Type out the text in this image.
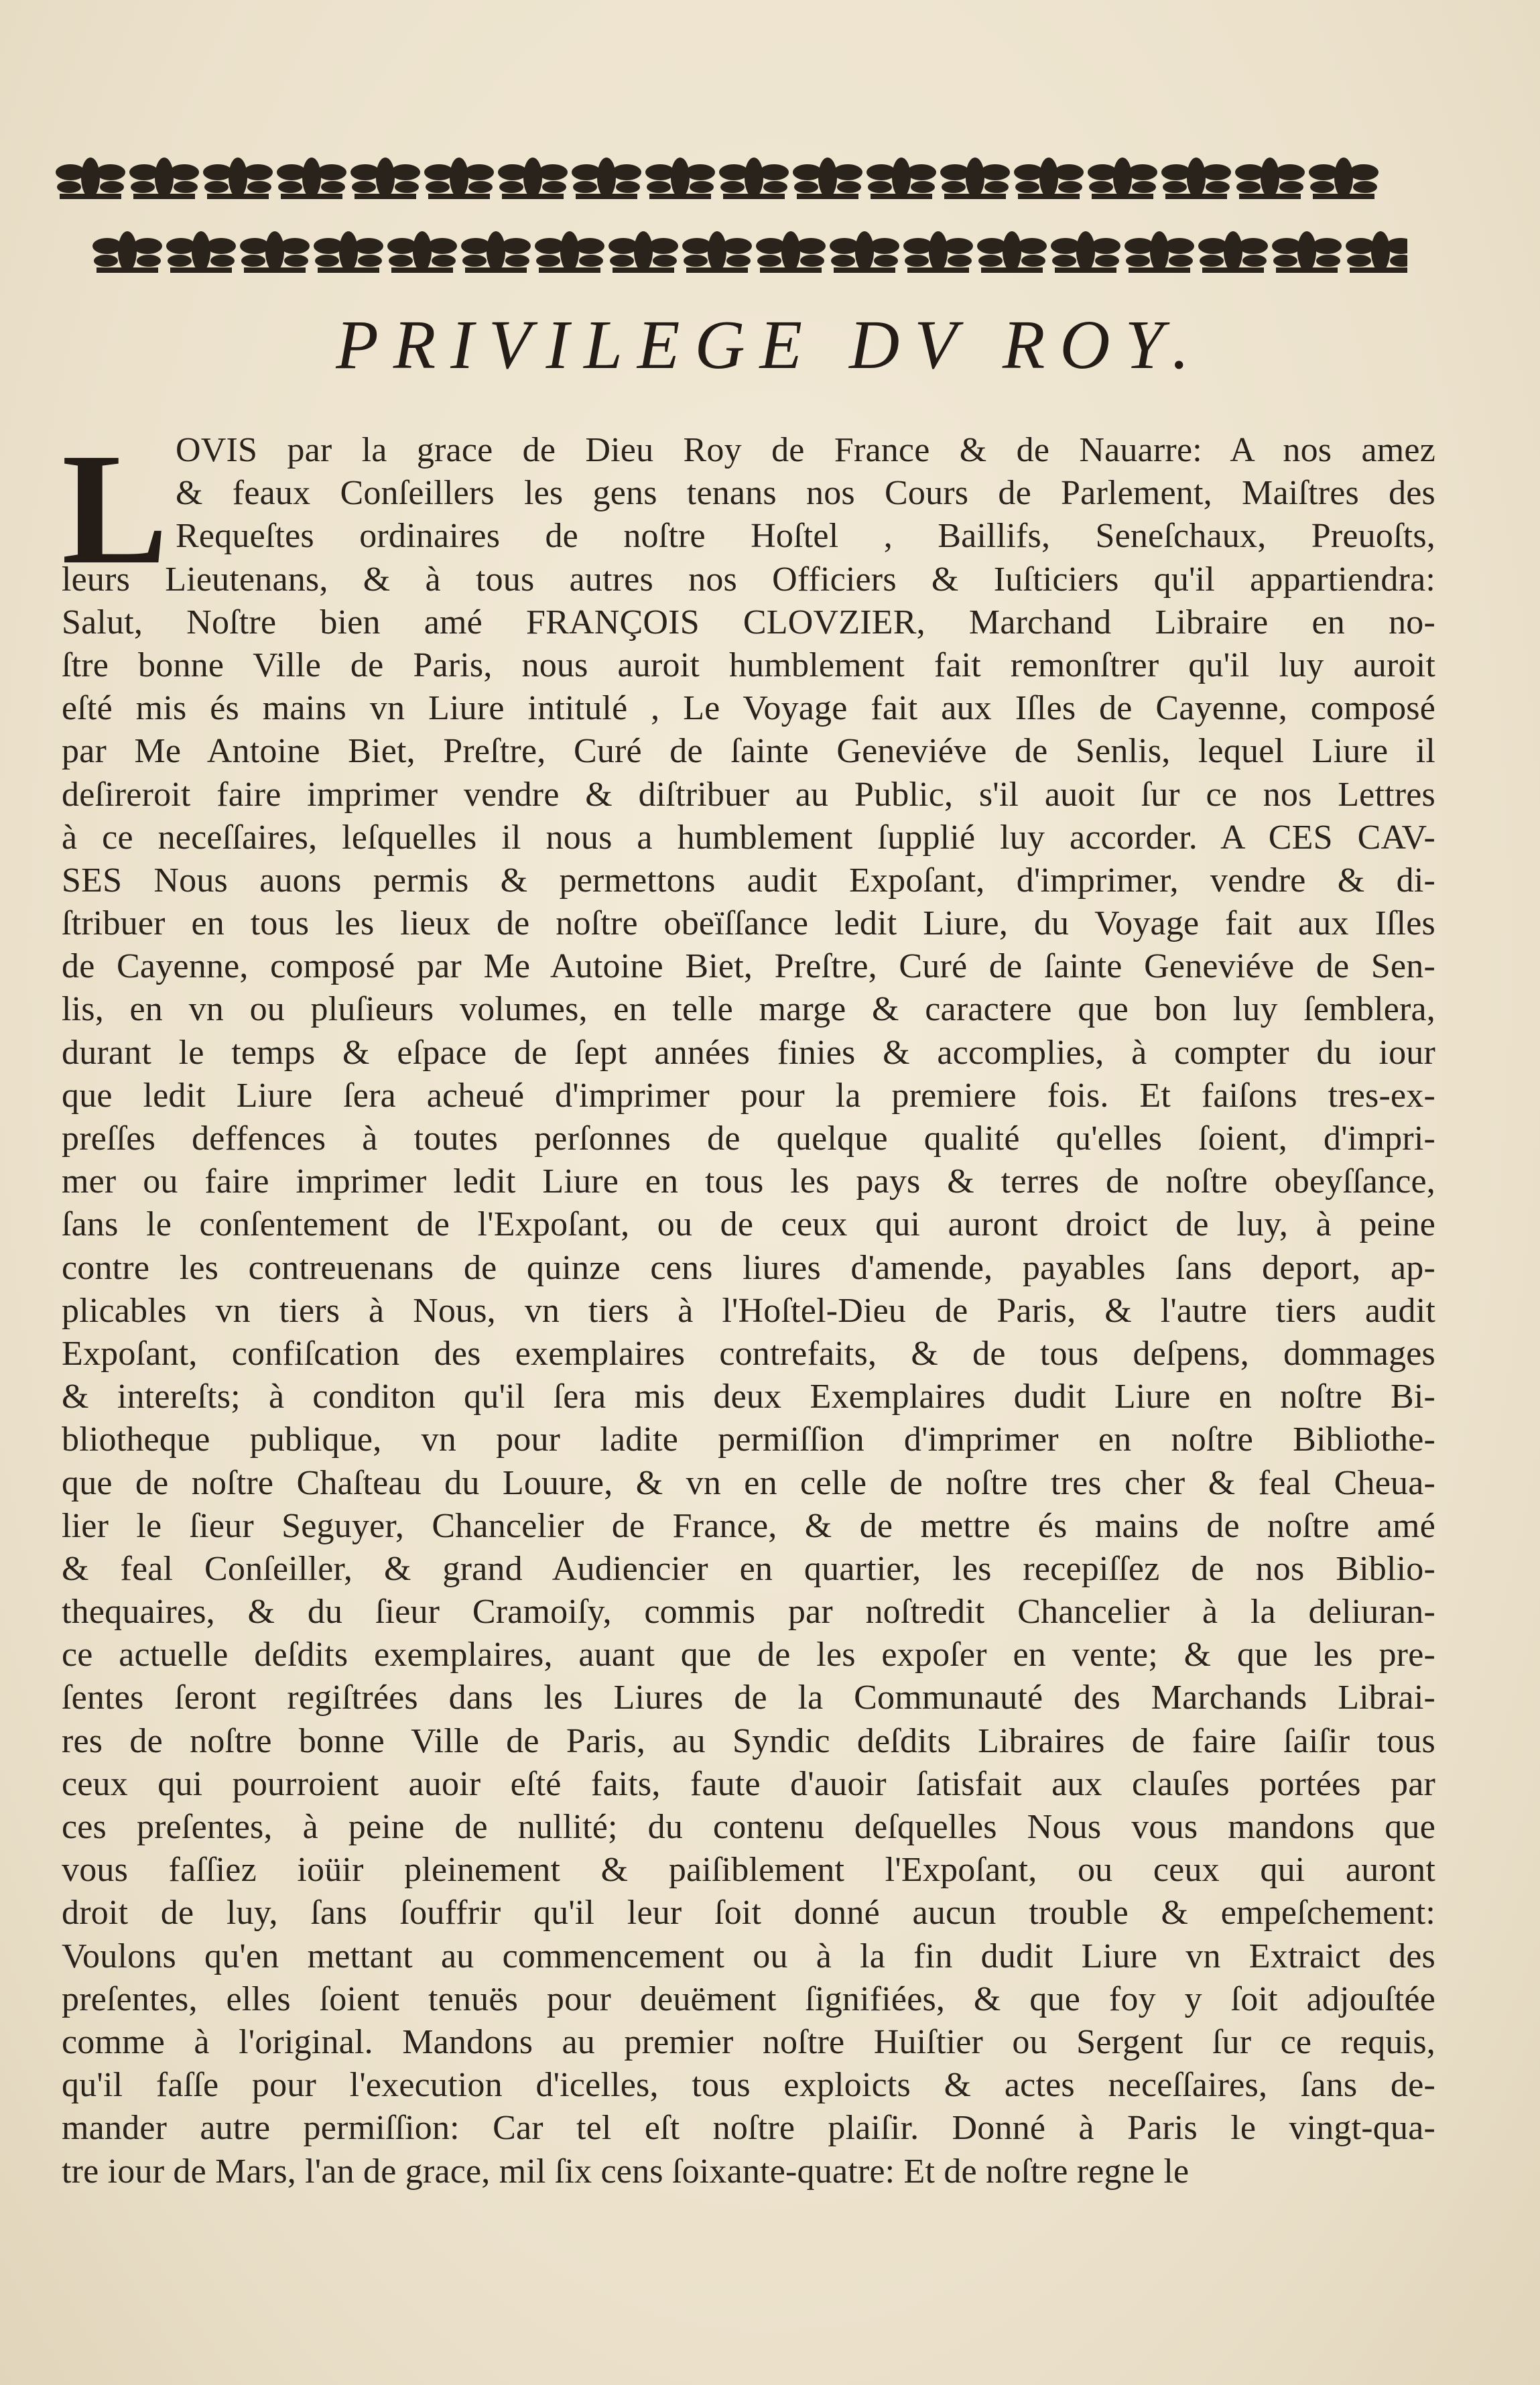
PRIVILEGE DV ROY.
L OVIS par la grace de Dieu Roy de France & de Nauarre: A nos amez
& feaux Conſeillers les gens tenans nos Cours de Parlement, Maiſtres des
Requeſtes ordinaires de noſtre Hoſtel , Baillifs, Seneſchaux, Preuoſts,
leurs Lieutenans, & à tous autres nos Officiers & Iuſticiers qu'il appartiendra:
Salut, Noſtre bien amé FRANÇOIS CLOVZIER, Marchand Libraire en no-
ſtre bonne Ville de Paris, nous auroit humblement fait remonſtrer qu'il luy auroit
eſté mis és mains vn Liure intitulé , Le Voyage fait aux Iſles de Cayenne, composé
par Me Antoine Biet, Preſtre, Curé de ſainte Geneviéve de Senlis, lequel Liure il
deſireroit faire imprimer vendre & diſtribuer au Public, s'il auoit ſur ce nos Lettres
à ce neceſſaires, leſquelles il nous a humblement ſupplié luy accorder. A CES CAV-
SES Nous auons permis & permettons audit Expoſant, d'imprimer, vendre & di-
ſtribuer en tous les lieux de noſtre obeïſſance ledit Liure, du Voyage fait aux Iſles
de Cayenne, composé par Me Autoine Biet, Preſtre, Curé de ſainte Geneviéve de Sen-
lis, en vn ou pluſieurs volumes, en telle marge & caractere que bon luy ſemblera,
durant le temps & eſpace de ſept années finies & accomplies, à compter du iour
que ledit Liure ſera acheué d'imprimer pour la premiere fois. Et faiſons tres-ex-
preſſes deffences à toutes perſonnes de quelque qualité qu'elles ſoient, d'impri-
mer ou faire imprimer ledit Liure en tous les pays & terres de noſtre obeyſſance,
ſans le conſentement de l'Expoſant, ou de ceux qui auront droict de luy, à peine
contre les contreuenans de quinze cens liures d'amende, payables ſans deport, ap-
plicables vn tiers à Nous, vn tiers à l'Hoſtel-Dieu de Paris, & l'autre tiers audit
Expoſant, confiſcation des exemplaires contrefaits, & de tous deſpens, dommages
& intereſts; à conditon qu'il ſera mis deux Exemplaires dudit Liure en noſtre Bi-
bliotheque publique, vn pour ladite permiſſion d'imprimer en noſtre Bibliothe-
que de noſtre Chaſteau du Louure, & vn en celle de noſtre tres cher & feal Cheua-
lier le ſieur Seguyer, Chancelier de France, & de mettre és mains de noſtre amé
& feal Conſeiller, & grand Audiencier en quartier, les recepiſſez de nos Biblio-
thequaires, & du ſieur Cramoiſy, commis par noſtredit Chancelier à la deliuran-
ce actuelle deſdits exemplaires, auant que de les expoſer en vente; & que les pre-
ſentes ſeront regiſtrées dans les Liures de la Communauté des Marchands Librai-
res de noſtre bonne Ville de Paris, au Syndic deſdits Libraires de faire ſaiſir tous
ceux qui pourroient auoir eſté faits, faute d'auoir ſatisfait aux clauſes portées par
ces preſentes, à peine de nullité; du contenu deſquelles Nous vous mandons que
vous faſſiez ioüir pleinement & paiſiblement l'Expoſant, ou ceux qui auront
droit de luy, ſans ſouffrir qu'il leur ſoit donné aucun trouble & empeſchement:
Voulons qu'en mettant au commencement ou à la fin dudit Liure vn Extraict des
preſentes, elles ſoient tenuës pour deuëment ſignifiées, & que foy y ſoit adjouſtée
comme à l'original. Mandons au premier noſtre Huiſtier ou Sergent ſur ce requis,
qu'il faſſe pour l'execution d'icelles, tous exploicts & actes neceſſaires, ſans de-
mander autre permiſſion: Car tel eſt noſtre plaiſir. Donné à Paris le vingt-qua-
tre iour de Mars, l'an de grace, mil ſix cens ſoixante-quatre: Et de noſtre regne le
